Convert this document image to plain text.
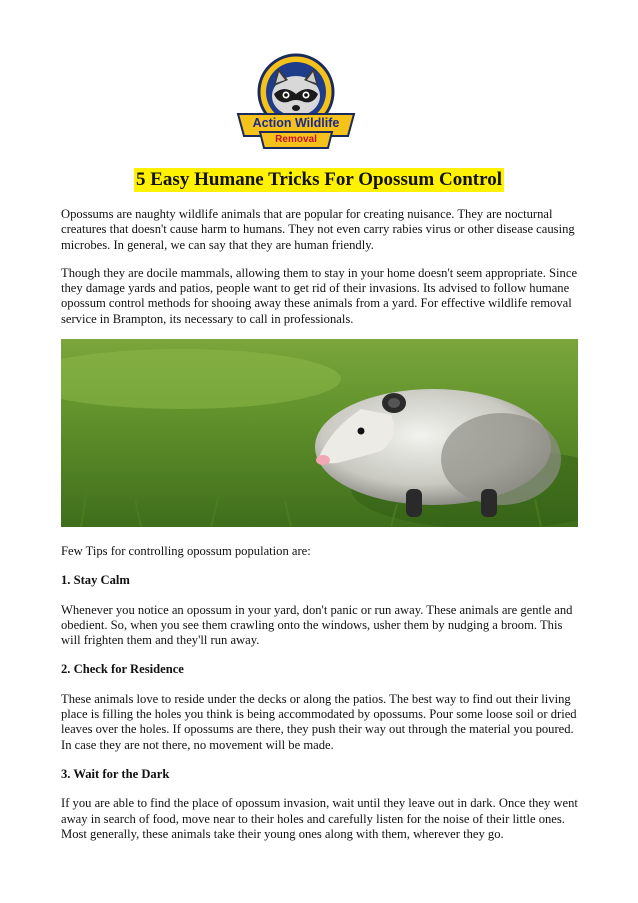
Action Wildlife
Removal
5 Easy Humane Tricks For Opossum Control

Opossums are naughty wildlife animals that are popular for creating nuisance. They are nocturnal creatures that doesn't cause harm to humans. They not even carry rabies virus or other disease causing microbes. In general, we can say that they are human friendly.

Though they are docile mammals, allowing them to stay in your home doesn't seem appropriate. Since they damage yards and patios, people want to get rid of their invasions. Its advised to follow humane opossum control methods for shooing away these animals from a yard. For effective wildlife removal service in Brampton, its necessary to call in professionals.

Few Tips for controlling opossum population are:

1. Stay Calm

Whenever you notice an opossum in your yard, don't panic or run away. These animals are gentle and obedient. So, when you see them crawling onto the windows, usher them by nudging a broom. This will frighten them and they'll run away.

2. Check for Residence

These animals love to reside under the decks or along the patios. The best way to find out their living place is filling the holes you think is being accommodated by opossums. Pour some loose soil or dried leaves over the holes. If opossums are there, they push their way out through the material you poured. In case they are not there, no movement will be made.

3. Wait for the Dark

If you are able to find the place of opossum invasion, wait until they leave out in dark. Once they went away in search of food, move near to their holes and carefully listen for the noise of their little ones. Most generally, these animals take their young ones along with them, wherever they go.
